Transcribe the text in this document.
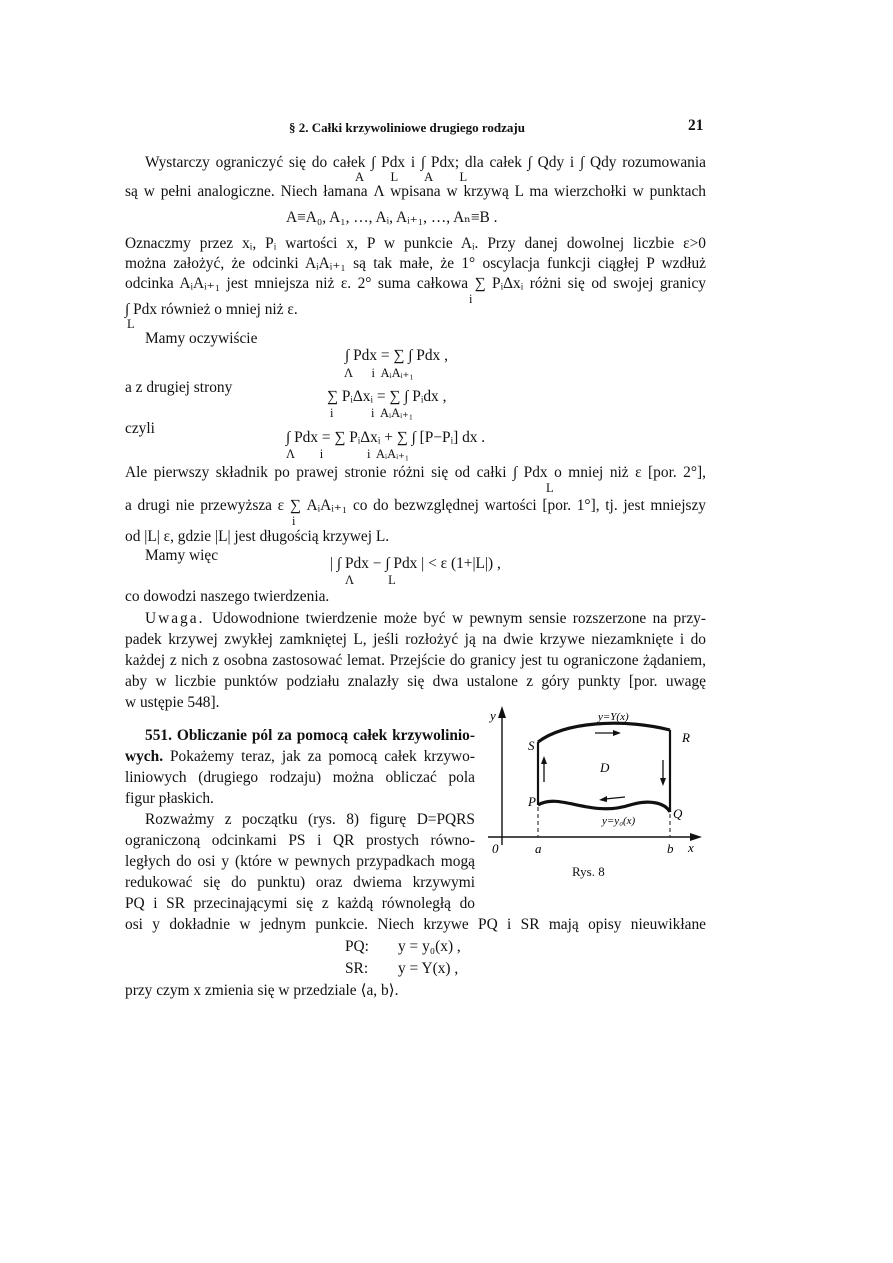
§ 2. Całki krzywoliniowe drugiego rodzaju	21
Wystarczy ograniczyć się do całek ∫ Pdx i ∫ Pdx; dla całek ∫ Qdy i ∫ Qdy rozumowania
A L A L
są w pełni analogiczne. Niech łamana Λ wpisana w krzywą L ma wierzchołki w punktach
A≡A₀, A₁, …, Aᵢ, Aᵢ₊₁, …, Aₙ≡B .
Oznaczmy przez xᵢ, Pᵢ wartości x, P w punkcie Aᵢ. Przy danej dowolnej liczbie ε>0
można założyć, że odcinki AᵢAᵢ₊₁ są tak małe, że 1° oscylacja funkcji ciągłej P wzdłuż
odcinka AᵢAᵢ₊₁ jest mniejsza niż ε. 2° suma całkowa ∑ PᵢΔxᵢ różni się od swojej granicy
i
∫ Pdx również o mniej niż ε.
L
Mamy oczywiście
∫ Pdx = ∑ ∫ Pdx ,
Λ      i  AᵢAᵢ₊₁
a z drugiej strony
∑ PᵢΔxᵢ = ∑ ∫ Pᵢdx ,
i            i  AᵢAᵢ₊₁
czyli
∫ Pdx = ∑ PᵢΔxᵢ + ∑ ∫ [P−Pᵢ] dx .
Λ        i              i  AᵢAᵢ₊₁
Ale pierwszy składnik po prawej stronie różni się od całki ∫ Pdx o mniej niż ε [por. 2°],
L
a drugi nie przewyższa ε ∑ AᵢAᵢ₊₁ co do bezwzględnej wartości [por. 1°], tj. jest mniejszy
i
od |L| ε, gdzie |L| jest długością krzywej L.
Mamy więc	| ∫ Pdx − ∫ Pdx | < ε (1+|L|) ,
Λ           L
co dowodzi naszego twierdzenia.
Uwaga. Udowodnione twierdzenie może być w pewnym sensie rozszerzone na przy-
padek krzywej zwykłej zamkniętej L, jeśli rozłożyć ją na dwie krzywe niezamknięte i do
każdej z nich z osobna zastosować lemat. Przejście do granicy jest tu ograniczone żądaniem,
aby w liczbie punktów podziału znalazły się dwa ustalone z góry punkty [por. uwagę
w ustępie 548].
551. Obliczanie pól za pomocą całek krzywolinio-
wych. Pokażemy teraz, jak za pomocą całek krzywo-
liniowych (drugiego rodzaju) można obliczać pola
figur płaskich.
Rozważmy z początku (rys. 8) figurę D=PQRS
ograniczoną odcinkami PS i QR prostych równo-
ległych do osi y (które w pewnych przypadkach mogą
redukować się do punktu) oraz dwiema krzywymi
PQ i SR przecinającymi się z każdą równoległą do
osi y dokładnie w jednym punkcie. Niech krzywe PQ i SR mają opisy nieuwikłane
PQ: y = y₀(x) ,
SR: y = Y(x) ,
przy czym x zmienia się w przedziale ⟨a, b⟩.
y
x
0	a	b
y=Y(x)
y=y₀(x)
D
P
Q
R
S
Rys. 8
